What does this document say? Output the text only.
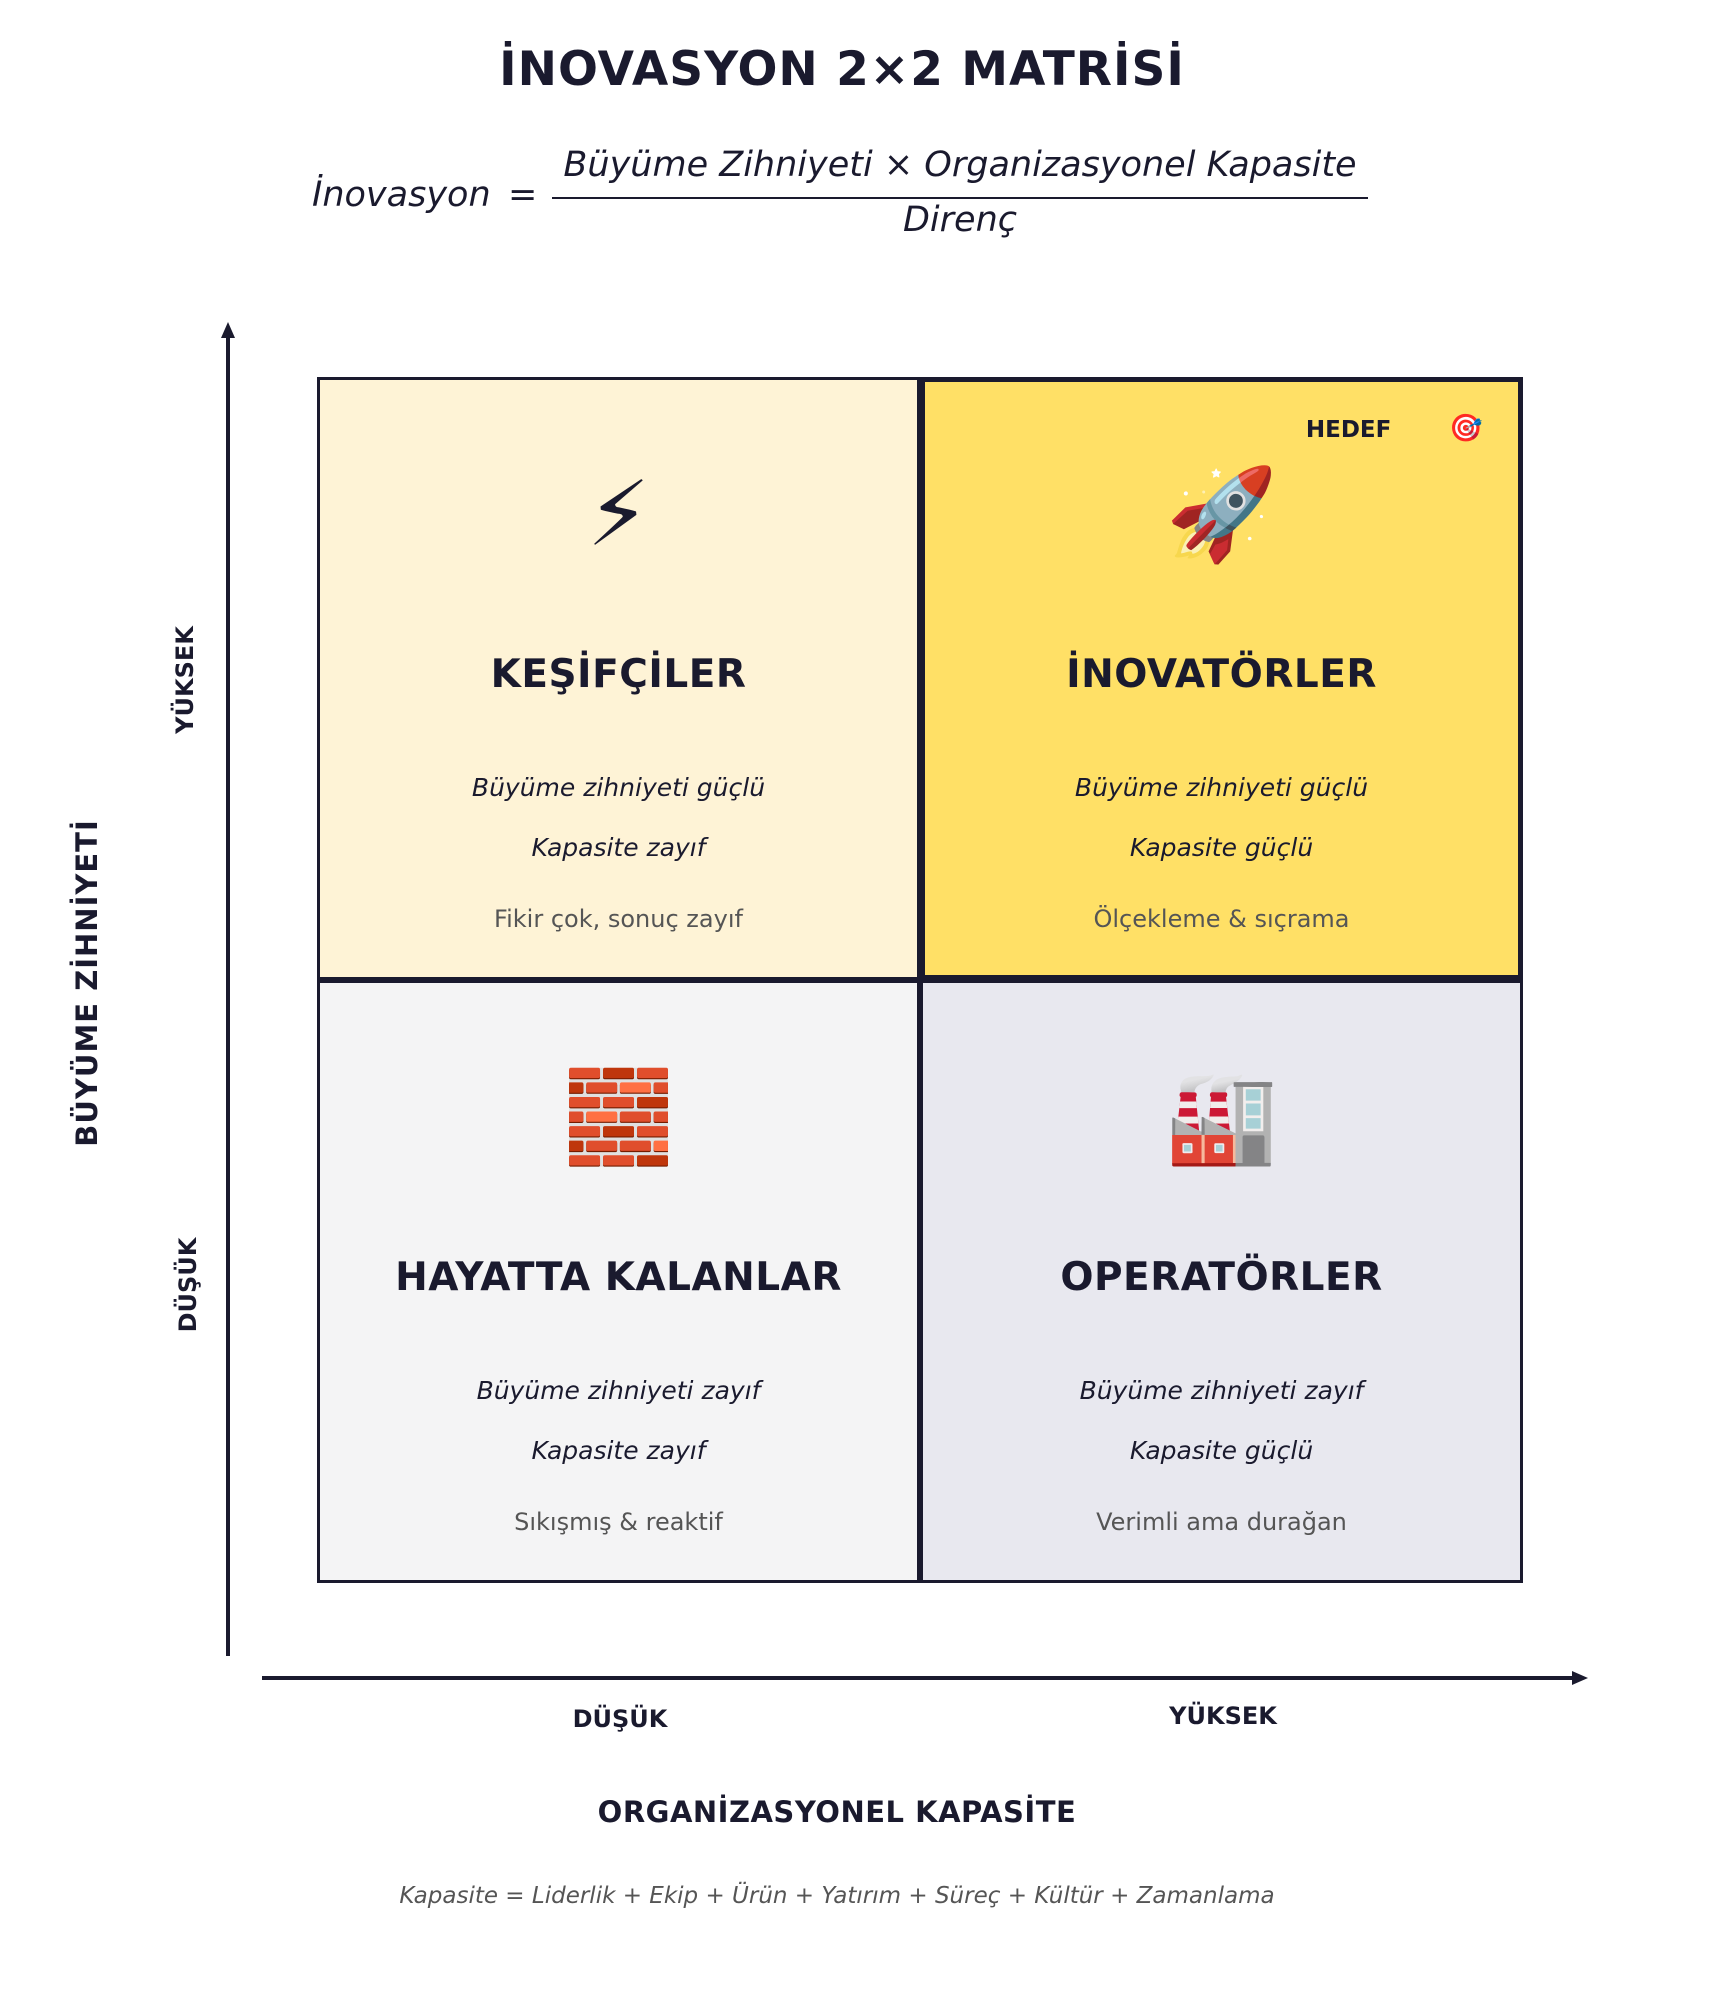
İNOVASYON 2×2 MATRİSİ
İnovasyon =
Büyüme Zihniyeti × Organizasyonel Kapasite
Direnç
YÜKSEK
DÜŞÜK
BÜYÜME ZİHNİYETİ
DÜŞÜK	YÜKSEK
ORGANİZASYONEL KAPASİTE
⚡
KEŞİFÇİLER
Büyüme zihniyeti güçlü
Kapasite zayıf
Fikir çok, sonuç zayıf
HEDEF 🎯
🚀
İNOVATÖRLER
Büyüme zihniyeti güçlü
Kapasite güçlü
Ölçekleme & sıçrama
🧱
HAYATTA KALANLAR
Büyüme zihniyeti zayıf
Kapasite zayıf
Sıkışmış & reaktif
🏭
OPERATÖRLER
Büyüme zihniyeti zayıf
Kapasite güçlü
Verimli ama durağan
Kapasite = Liderlik + Ekip + Ürün + Yatırım + Süreç + Kültür + Zamanlama
